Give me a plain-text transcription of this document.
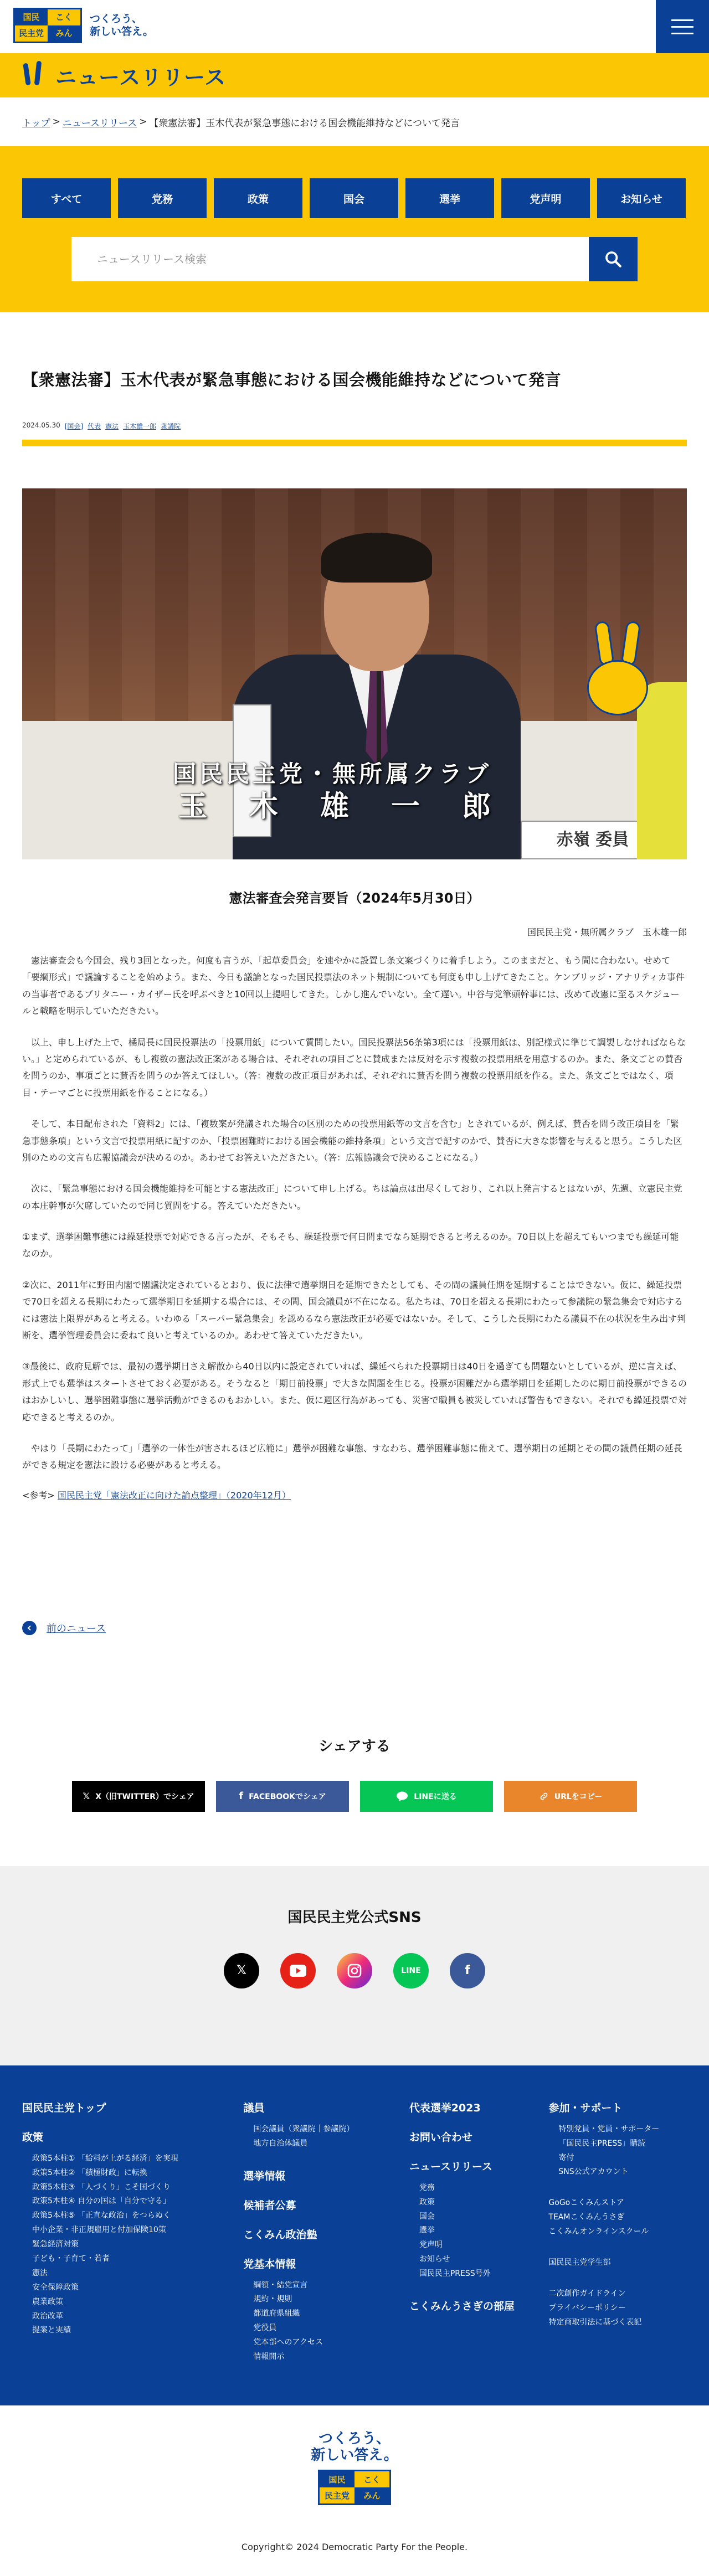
国民	こく
民主党	みん
つくろう、
新しい答え。
ニュースリリース
トップ > ニュースリリース > 【衆憲法審】玉木代表が緊急事態における国会機能維持などについて発言
すべて	党務	政策	国会	選挙	党声明	お知らせ
ニュースリリース検索
【衆憲法審】玉木代表が緊急事態における国会機能維持などについて発言
2024.05.30 [国会] 代表 憲法 玉木雄一郎 衆議院
赤嶺 委員
国民民主党・無所属クラブ
玉　木　雄　一　郎
憲法審査会発言要旨（2024年5月30日）
国民民主党・無所属クラブ　玉木雄一郎

憲法審査会も今国会、残り3回となった。何度も言うが、「起草委員会」を速やかに設置し条文案づくりに着手しよう。このままだと、もう間に合わない。せめて「要綱形式」で議論することを始めよう。また、今日も議論となった国民投票法のネット規制についても何度も申し上げてきたこと。ケンブリッジ・アナリティカ事件の当事者であるブリタニー・カイザー氏を呼ぶべきと10回以上提唱してきた。しかし進んでいない。全て遅い。中谷与党筆頭幹事には、改めて改憲に至るスケジュールと戦略を明示していただきたい。

以上、申し上げた上で、橘局長に国民投票法の「投票用紙」について質問したい。国民投票法56条第3項には「投票用紙は、別記様式に準じて調製しなければならない。」と定められているが、もし複数の憲法改正案がある場合は、それぞれの項目ごとに賛成または反対を示す複数の投票用紙を用意するのか。また、条文ごとの賛否を問うのか、事項ごとに賛否を問うのか答えてほしい。（答：複数の改正項目があれば、それぞれに賛否を問う複数の投票用紙を作る。また、条文ごとではなく、項目・テーマごとに投票用紙を作ることになる。）

そして、本日配布された「資料2」には、「複数案が発議された場合の区別のための投票用紙等の文言を含む」とされているが、例えば、賛否を問う改正項目を「緊急事態条項」という文言で投票用紙に記すのか、「投票困難時における国会機能の維持条項」という文言で記すのかで、賛否に大きな影響を与えると思う。こうした区別のための文言も広報協議会が決めるのか。あわせてお答えいただきたい。（答：広報協議会で決めることになる。）

次に、「緊急事態における国会機能維持を可能とする憲法改正」について申し上げる。ちは論点は出尽くしており、これ以上発言するとはないが、先週、立憲民主党の本庄幹事が欠席していたので同じ質問をする。答えていただきたい。

①まず、選挙困難事態には繰延投票で対応できる言ったが、そもそも、繰延投票で何日間までなら延期できると考えるのか。70日以上を超えてもいつまでも繰延可能なのか。

②次に、2011年に野田内閣で閣議決定されているとおり、仮に法律で選挙期日を延期できたとしても、その間の議員任期を延期することはできない。仮に、繰延投票で70日を超える長期にわたって選挙期日を延期する場合には、その間、国会議員が不在になる。私たちは、70日を超える長期にわたって参議院の緊急集会で対応するには憲法上限界があると考える。いわゆる「スーパー緊急集会」を認めるなら憲法改正が必要ではないか。そして、こうした長期にわたる議員不在の状況を生み出す判断を、選挙管理委員会に委ねて良いと考えているのか。あわせて答えていただきたい。

③最後に、政府見解では、最初の選挙期日さえ解散から40日以内に設定されていれば、繰延べられた投票期日は40日を過ぎても問題ないとしているが、逆に言えば、形式上でも選挙はスタートさせておく必要がある。そうなると「期日前投票」で大きな問題を生じる。投票が困難だから選挙期日を延期したのに期日前投票ができるのはおかしいし、選挙困難事態に選挙活動ができるのもおかしい。また、仮に週区行為があっても、災害で職員も被災していれば警告もできない。それでも繰延投票で対応できると考えるのか。

やはり「長期にわたって」「選挙の一体性が害されるほど広範に」選挙が困難な事態、すなわち、選挙困難事態に備えて、選挙期日の延期とその間の議員任期の延長ができる規定を憲法に設ける必要があると考える。

<参考> 国民民主党「憲法改正に向けた論点整理」（2020年12月）
前のニュース
シェアする
𝕏 X（旧TWITTER）でシェア	f FACEBOOKでシェア	LINEに送る	URLをコピー
国民民主党公式SNS
𝕏	LINE	f
国民民主党トップ
政策
政策5本柱① 「給料が上がる経済」を実現
政策5本柱② 「積極財政」に転換
政策5本柱③ 「人づくり」こそ国づくり
政策5本柱④ 自分の国は「自分で守る」
政策5本柱⑤ 「正直な政治」をつらぬく
中小企業・非正規雇用と付加保険10策
緊急経済対策
子ども・子育て・若者
憲法
安全保障政策
農業政策
政治改革
提案と実績
議員
国会議員（衆議院｜参議院）
地方自治体議員
選挙情報
候補者公募
こくみん政治塾
党基本情報
綱領・結党宣言
規約・規則
都道府県組織
党役員
党本部へのアクセス
情報開示
代表選挙2023
お問い合わせ
ニュースリリース
党務
政策
国会
選挙
党声明
お知らせ
国民民主PRESS号外
こくみんうさぎの部屋
参加・サポート
特別党員・党員・サポーター
「国民民主PRESS」購読
寄付
SNS公式アカウント
GoGoこくみんストア
TEAMこくみんうさぎ
こくみんオンラインスクール
国民民主党学生部
二次創作ガイドライン
プライバシーポリシー
特定商取引法に基づく表記
つくろう、
新しい答え。
国民	こく
民主党	みん
Copyright© 2024 Democratic Party For the People.
